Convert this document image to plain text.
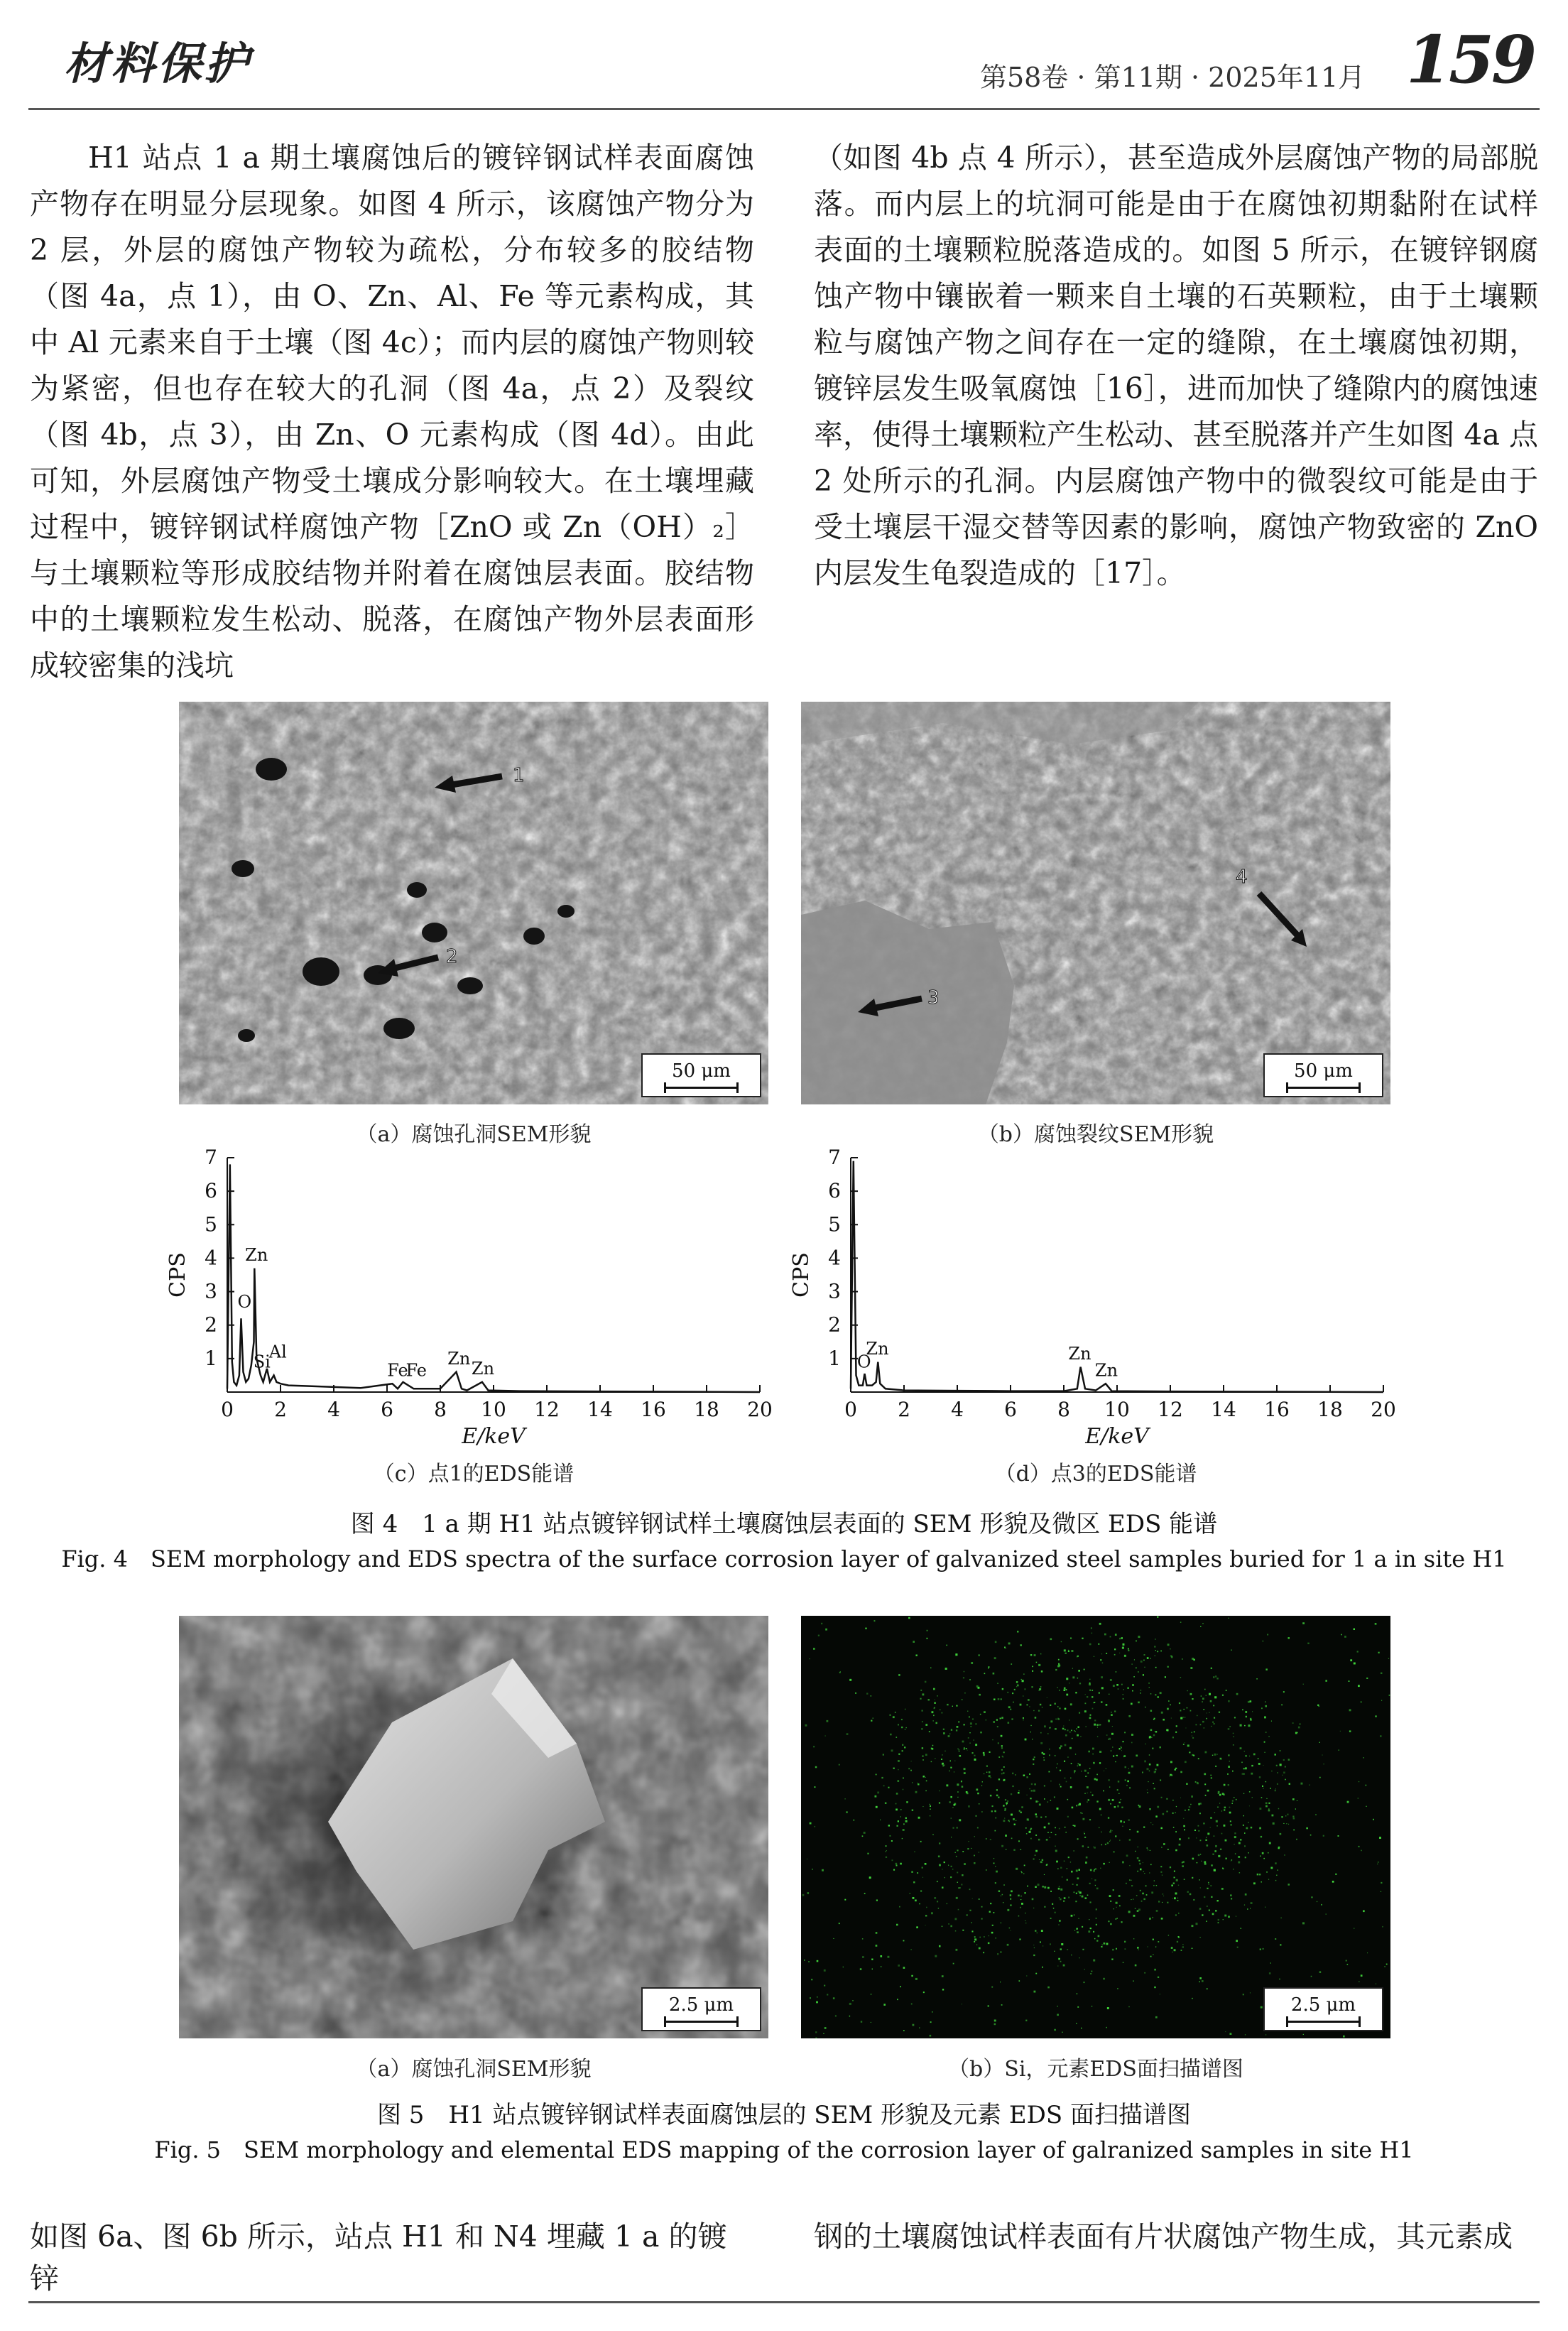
材料保护	第58卷 · 第11期 · 2025年11月 159

H1 站点 1 a 期土壤腐蚀后的镀锌钢试样表面腐蚀产物存在明显分层现象。如图 4 所示，该腐蚀产物分为 2 层，外层的腐蚀产物较为疏松，分布较多的胶结物（图 4a，点 1），由 O、Zn、Al、Fe 等元素构成，其中 Al 元素来自于土壤（图 4c）；而内层的腐蚀产物则较为紧密，但也存在较大的孔洞（图 4a，点 2）及裂纹（图 4b，点 3），由 Zn、O 元素构成（图 4d）。由此可知，外层腐蚀产物受土壤成分影响较大。在土壤埋藏过程中，镀锌钢试样腐蚀产物［ZnO 或 Zn（OH）₂］与土壤颗粒等形成胶结物并附着在腐蚀层表面。胶结物中的土壤颗粒发生松动、脱落，在腐蚀产物外层表面形成较密集的浅坑

（如图 4b 点 4 所示），甚至造成外层腐蚀产物的局部脱落。而内层上的坑洞可能是由于在腐蚀初期黏附在试样表面的土壤颗粒脱落造成的。如图 5 所示，在镀锌钢腐蚀产物中镶嵌着一颗来自土壤的石英颗粒，由于土壤颗粒与腐蚀产物之间存在一定的缝隙，在土壤腐蚀初期，镀锌层发生吸氧腐蚀［16］，进而加快了缝隙内的腐蚀速率，使得土壤颗粒产生松动、甚至脱落并产生如图 4a 点 2 处所示的孔洞。内层腐蚀产物中的微裂纹可能是由于受土壤层干湿交替等因素的影响，腐蚀产物致密的 ZnO 内层发生龟裂造成的［17］。

1
2
50 μm
（a）腐蚀孔洞SEM形貌
4
3
50 μm
（b）腐蚀裂纹SEM形貌
0 2 4 6 8 10 12 14 16 18 20
1
2
3
4
5
6
7
Zn
O
Si
Al
Fe
Fe
Zn
Zn
E/keV
CPS
（c）点1的EDS能谱
0 2 4 6 8 10 12 14 16 18 20
1
2
3
4
5
6
7
Zn
O	Zn
Zn
E/keV
CPS
（d）点3的EDS能谱
图 4　1 a 期 H1 站点镀锌钢试样土壤腐蚀层表面的 SEM 形貌及微区 EDS 能谱
Fig. 4　SEM morphology and EDS spectra of the surface corrosion layer of galvanized steel samples buried for 1 a in site H1
2.5 μm
（a）腐蚀孔洞SEM形貌
2.5 μm
（b）Si，元素EDS面扫描谱图
图 5　H1 站点镀锌钢试样表面腐蚀层的 SEM 形貌及元素 EDS 面扫描谱图
Fig. 5　SEM morphology and elemental EDS mapping of the corrosion layer of galranized samples in site H1
如图 6a、图 6b 所示，站点 H1 和 N4 埋藏 1 a 的镀锌
钢的土壤腐蚀试样表面有片状腐蚀产物生成，其元素成
